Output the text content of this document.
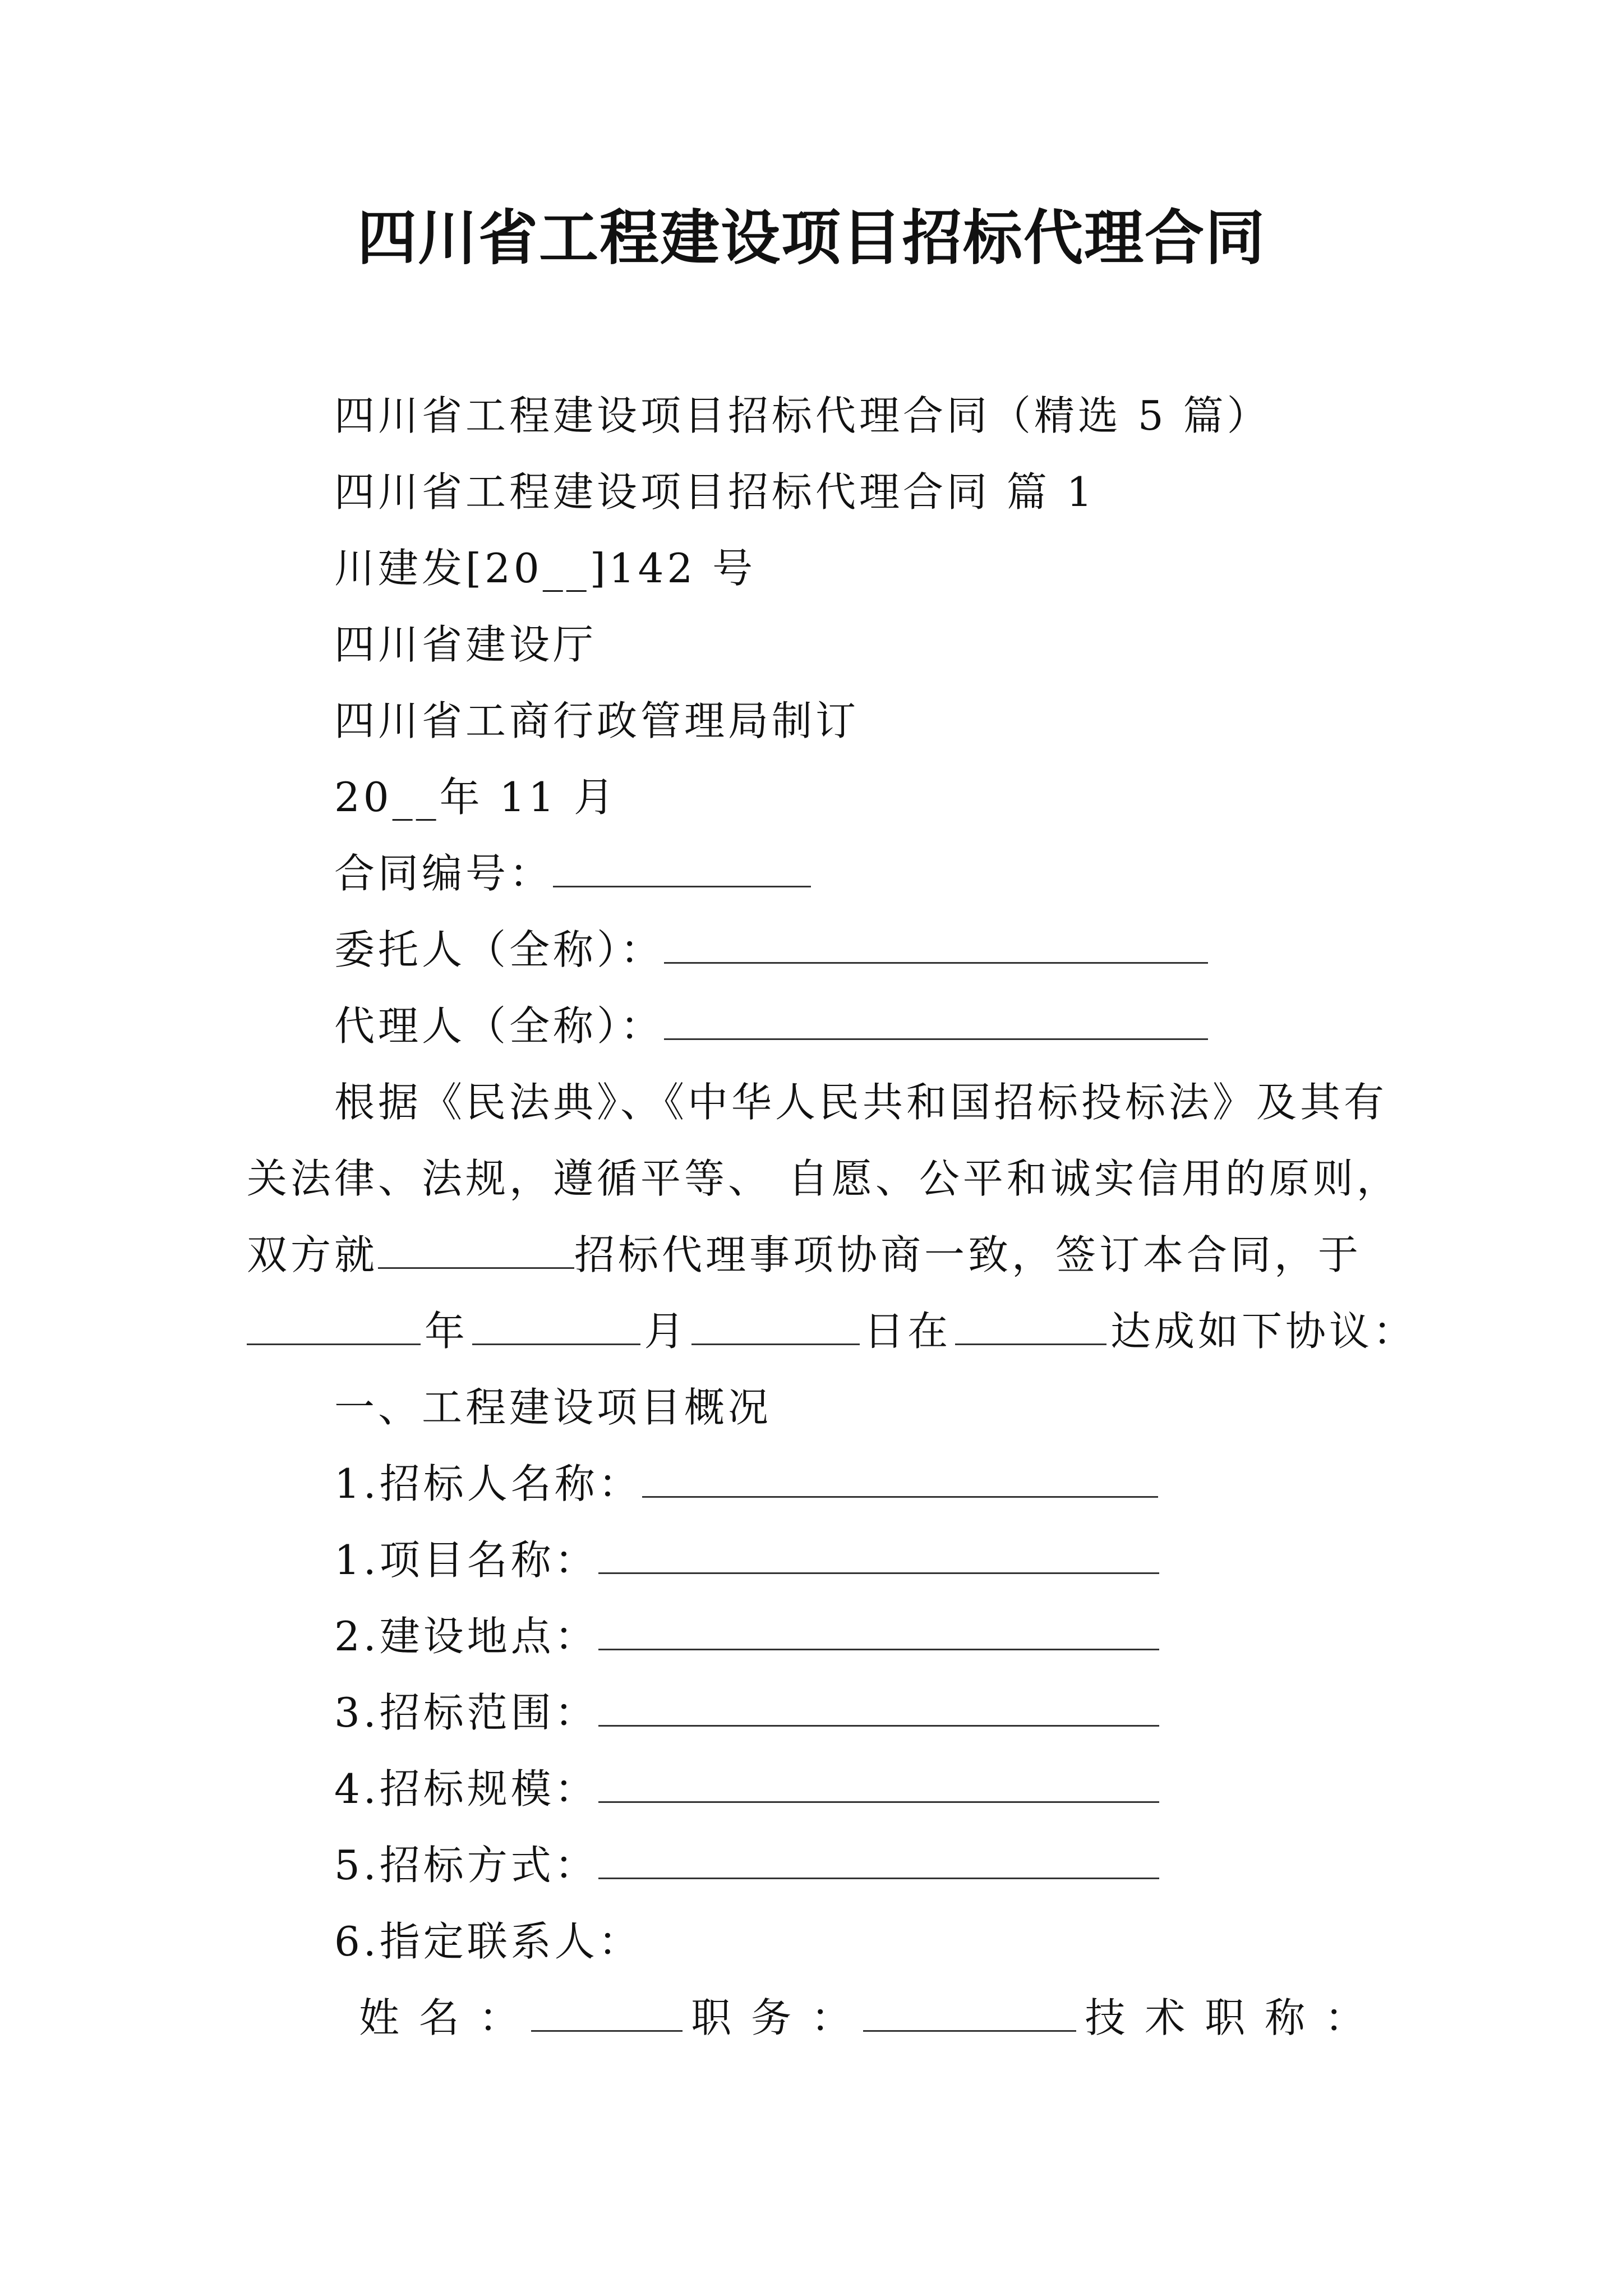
四川省工程建设项目招标代理合同
四川省工程建设项目招标代理合同（精选 5 篇）
四川省工程建设项目招标代理合同 篇 1
川建发[20__]142 号
四川省建设厅
四川省工商行政管理局制订
20__年 11 月
合同编号：
委托人（全称）：
代理人（全称）：
根据《民法典》、《中华人民共和国招标投标法》及其有
关法律、法规，遵循平等、 自愿、公平和诚实信用的原则，
双方就	招标代理事项协商一致，签订本合同，于
年	月	日在	达成如下协议：
一、工程建设项目概况
1.招标人名称：
1.项目名称：
2.建设地点：
3.招标范围：
4.招标规模：
5.招标方式：
6.指定联系人：
姓 名 ：	职 务 ：	技 术 职 称 ：
